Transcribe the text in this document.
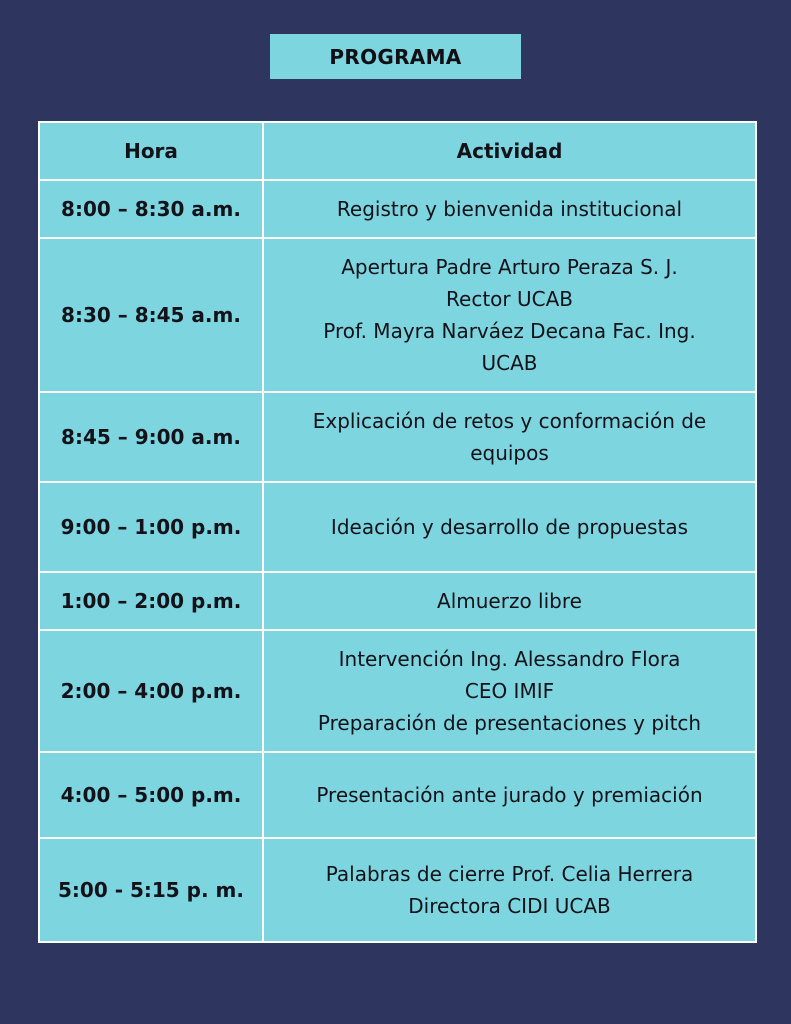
PROGRAMA
Hora	Actividad
8:00 – 8:30 a.m.	Registro y bienvenida institucional

8:30 – 8:45 a.m.	Apertura Padre Arturo Peraza S. J.
Rector UCAB
Prof. Mayra Narváez Decana Fac. Ing.
UCAB

8:45 – 9:00 a.m.	Explicación de retos y conformación de
equipos

9:00 – 1:00 p.m.	Ideación y desarrollo de propuestas

1:00 – 2:00 p.m.	Almuerzo libre

2:00 – 4:00 p.m.	Intervención Ing. Alessandro Flora
CEO IMIF
Preparación de presentaciones y pitch

4:00 – 5:00 p.m.	Presentación ante jurado y premiación

5:00 - 5:15 p. m.	Palabras de cierre Prof. Celia Herrera
Directora CIDI UCAB
